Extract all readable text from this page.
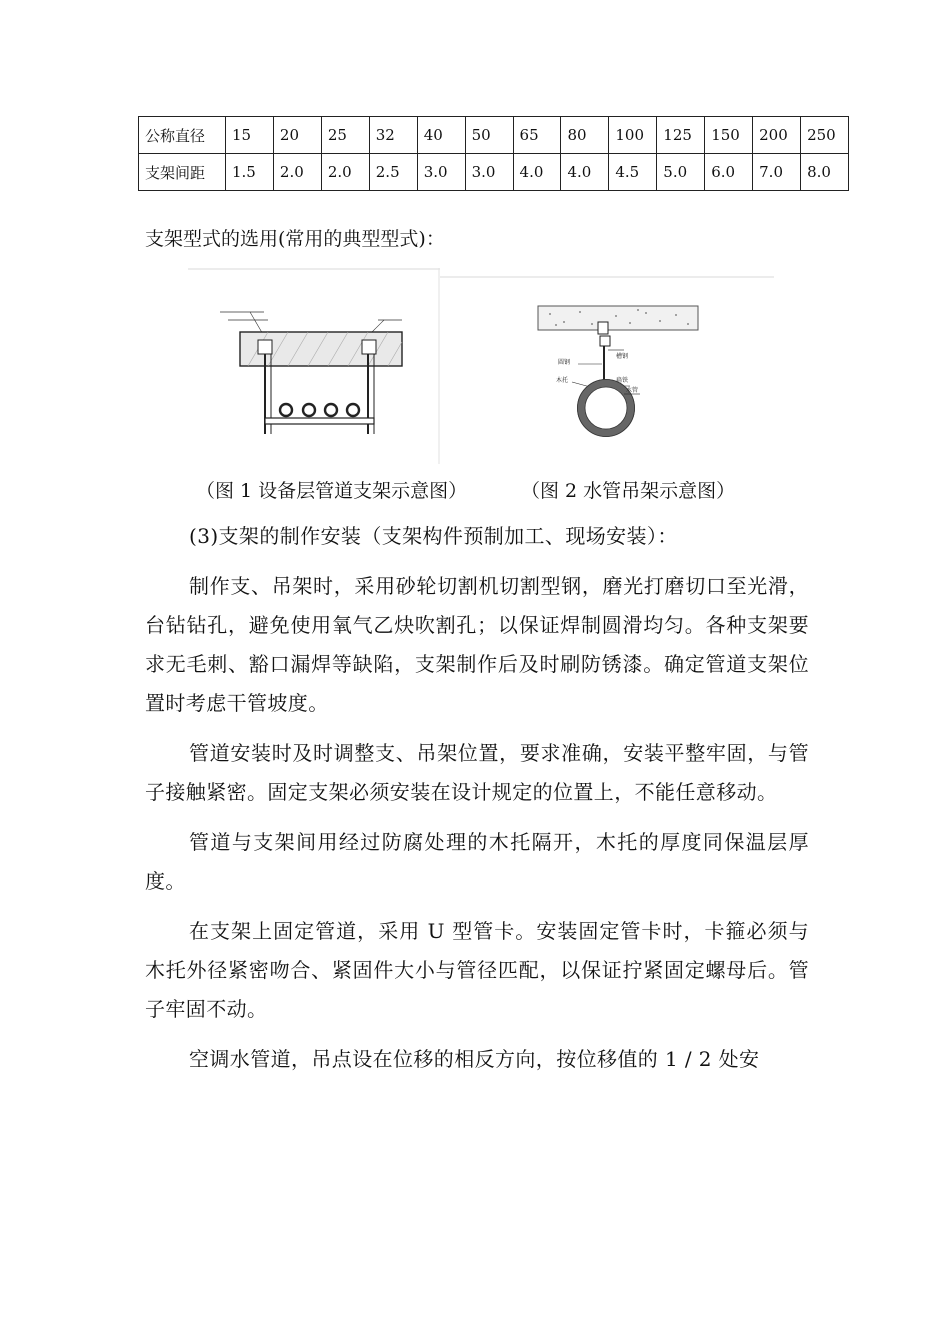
公称直径	15	20	25	32	40	50	65	80	100	125	150	200	250
支架间距	1.5	2.0	2.0	2.5	3.0	3.0	4.0	4.0	4.5	5.0	6.0	7.0	8.0
支架型式的选用(常用的典型型式)：
槽钢
圆钢
木托	扁铁
水管
（图 1 设备层管道支架示意图）	（图 2 水管吊架示意图）

(3)支架的制作安装（支架构件预制加工、现场安装）：

制作支、吊架时，采用砂轮切割机切割型钢，磨光打磨切口至光滑，台钻钻孔，避免使用氧气乙炔吹割孔；以保证焊制圆滑均匀。各种支架要求无毛刺、豁口漏焊等缺陷，支架制作后及时刷防锈漆。确定管道支架位置时考虑干管坡度。

管道安装时及时调整支、吊架位置，要求准确，安装平整牢固，与管子接触紧密。固定支架必须安装在设计规定的位置上，不能任意移动。

管道与支架间用经过防腐处理的木托隔开，木托的厚度同保温层厚度。

在支架上固定管道，采用 U 型管卡。安装固定管卡时，卡箍必须与木托外径紧密吻合、紧固件大小与管径匹配，以保证拧紧固定螺母后。管子牢固不动。

空调水管道，吊点设在位移的相反方向，按位移值的 1 / 2 处安
